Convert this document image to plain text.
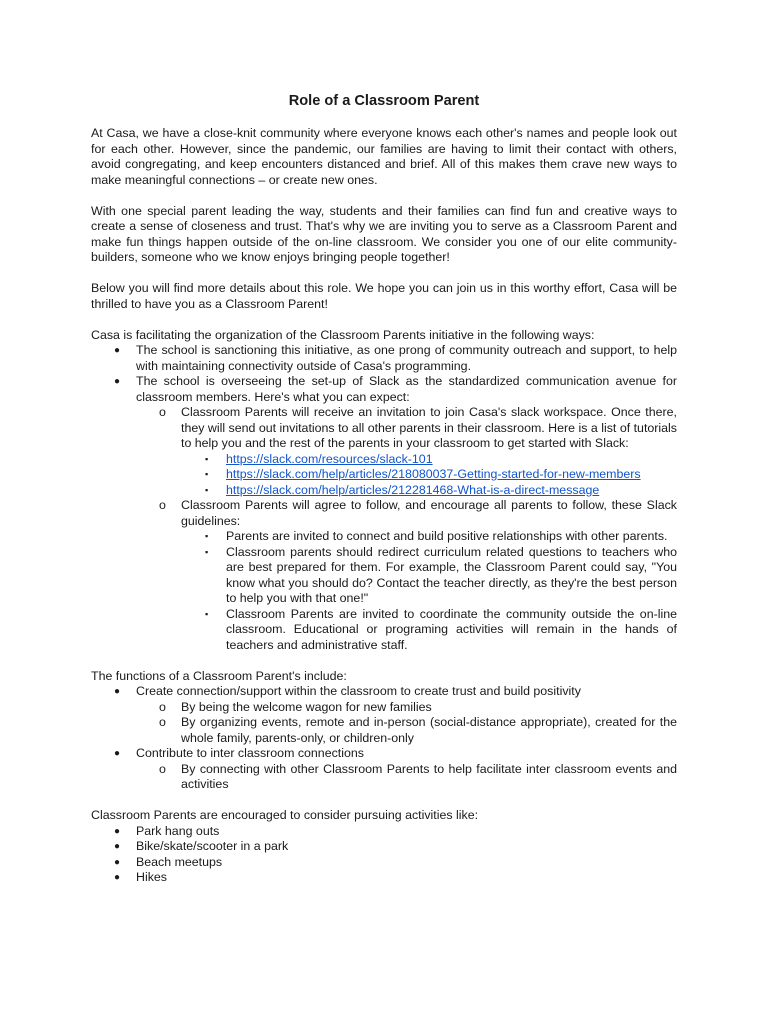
Role of a Classroom Parent

At Casa, we have a close-knit community where everyone knows each other's names and people look out for each other. However, since the pandemic, our families are having to limit their contact with others, avoid congregating, and keep encounters distanced and brief. All of this makes them crave new ways to make meaningful connections – or create new ones.

With one special parent leading the way, students and their families can find fun and creative ways to create a sense of closeness and trust. That's why we are inviting you to serve as a Classroom Parent and make fun things happen outside of the on-line classroom. We consider you one of our elite community-builders, someone who we know enjoys bringing people together!

Below you will find more details about this role. We hope you can join us in this worthy effort, Casa will be thrilled to have you as a Classroom Parent!

Casa is facilitating the organization of the Classroom Parents initiative in the following ways:

● The school is sanctioning this initiative, as one prong of community outreach and support, to help with maintaining connectivity outside of Casa's programming.
● The school is overseeing the set-up of Slack as the standardized communication avenue for classroom members. Here's what you can expect:
o Classroom Parents will receive an invitation to join Casa's slack workspace. Once there, they will send out invitations to all other parents in their classroom. Here is a list of tutorials to help you and the rest of the parents in your classroom to get started with Slack:
▪ https://slack.com/resources/slack-101
▪ https://slack.com/help/articles/218080037-Getting-started-for-new-members
▪ https://slack.com/help/articles/212281468-What-is-a-direct-message
o Classroom Parents will agree to follow, and encourage all parents to follow, these Slack guidelines:
▪ Parents are invited to connect and build positive relationships with other parents.
▪ Classroom parents should redirect curriculum related questions to teachers who are best prepared for them. For example, the Classroom Parent could say, "You know what you should do? Contact the teacher directly, as they're the best person to help you with that one!"
▪ Classroom Parents are invited to coordinate the community outside the on-line classroom. Educational or programing activities will remain in the hands of teachers and administrative staff.

The functions of a Classroom Parent's include:

● Create connection/support within the classroom to create trust and build positivity
o By being the welcome wagon for new families
o By organizing events, remote and in-person (social-distance appropriate), created for the whole family, parents-only, or children-only
● Contribute to inter classroom connections
o By connecting with other Classroom Parents to help facilitate inter classroom events and activities

Classroom Parents are encouraged to consider pursuing activities like:

● Park hang outs
● Bike/skate/scooter in a park
● Beach meetups
● Hikes
